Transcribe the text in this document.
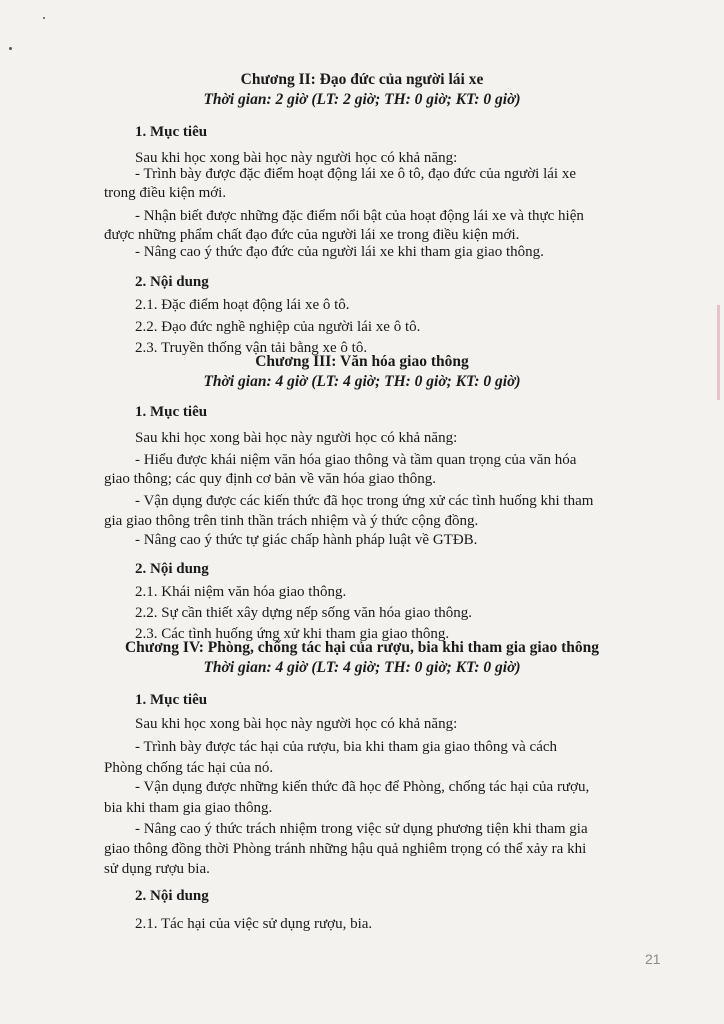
Chương II: Đạo đức của người lái xe
Thời gian: 2 giờ (LT: 2 giờ; TH: 0 giờ; KT: 0 giờ)
1. Mục tiêu
Sau khi học xong bài học này người học có khả năng:
- Trình bày được đặc điểm hoạt động lái xe ô tô, đạo đức của người lái xe
trong điều kiện mới.
- Nhận biết được những đặc điểm nổi bật của hoạt động lái xe và thực hiện
được những phẩm chất đạo đức của người lái xe trong điều kiện mới.
- Nâng cao ý thức đạo đức của người lái xe khi tham gia giao thông.
2. Nội dung
2.1. Đặc điểm hoạt động lái xe ô tô.
2.2. Đạo đức nghề nghiệp của người lái xe ô tô.
2.3. Truyền thống vận tải bằng xe ô tô.
Chương III: Văn hóa giao thông
Thời gian: 4 giờ (LT: 4 giờ; TH: 0 giờ; KT: 0 giờ)
1. Mục tiêu
Sau khi học xong bài học này người học có khả năng:
- Hiểu được khái niệm văn hóa giao thông và tầm quan trọng của văn hóa
giao thông; các quy định cơ bản về văn hóa giao thông.
- Vận dụng được các kiến thức đã học trong ứng xử các tình huống khi tham
gia giao thông trên tinh thần trách nhiệm và ý thức cộng đồng.
- Nâng cao ý thức tự giác chấp hành pháp luật về GTĐB.
2. Nội dung
2.1. Khái niệm văn hóa giao thông.
2.2. Sự cần thiết xây dựng nếp sống văn hóa giao thông.
2.3. Các tình huống ứng xử khi tham gia giao thông.
Chương IV: Phòng, chống tác hại của rượu, bia khi tham gia giao thông
Thời gian: 4 giờ (LT: 4 giờ; TH: 0 giờ; KT: 0 giờ)
1. Mục tiêu
Sau khi học xong bài học này người học có khả năng:
- Trình bày được tác hại của rượu, bia khi tham gia giao thông và cách
Phòng chống tác hại của nó.
- Vận dụng được những kiến thức đã học để Phòng, chống tác hại của rượu,
bia khi tham gia giao thông.
- Nâng cao ý thức trách nhiệm trong việc sử dụng phương tiện khi tham gia
giao thông đồng thời Phòng tránh những hậu quả nghiêm trọng có thể xảy ra khi
sử dụng rượu bia.
2. Nội dung
2.1. Tác hại của việc sử dụng rượu, bia.
21
